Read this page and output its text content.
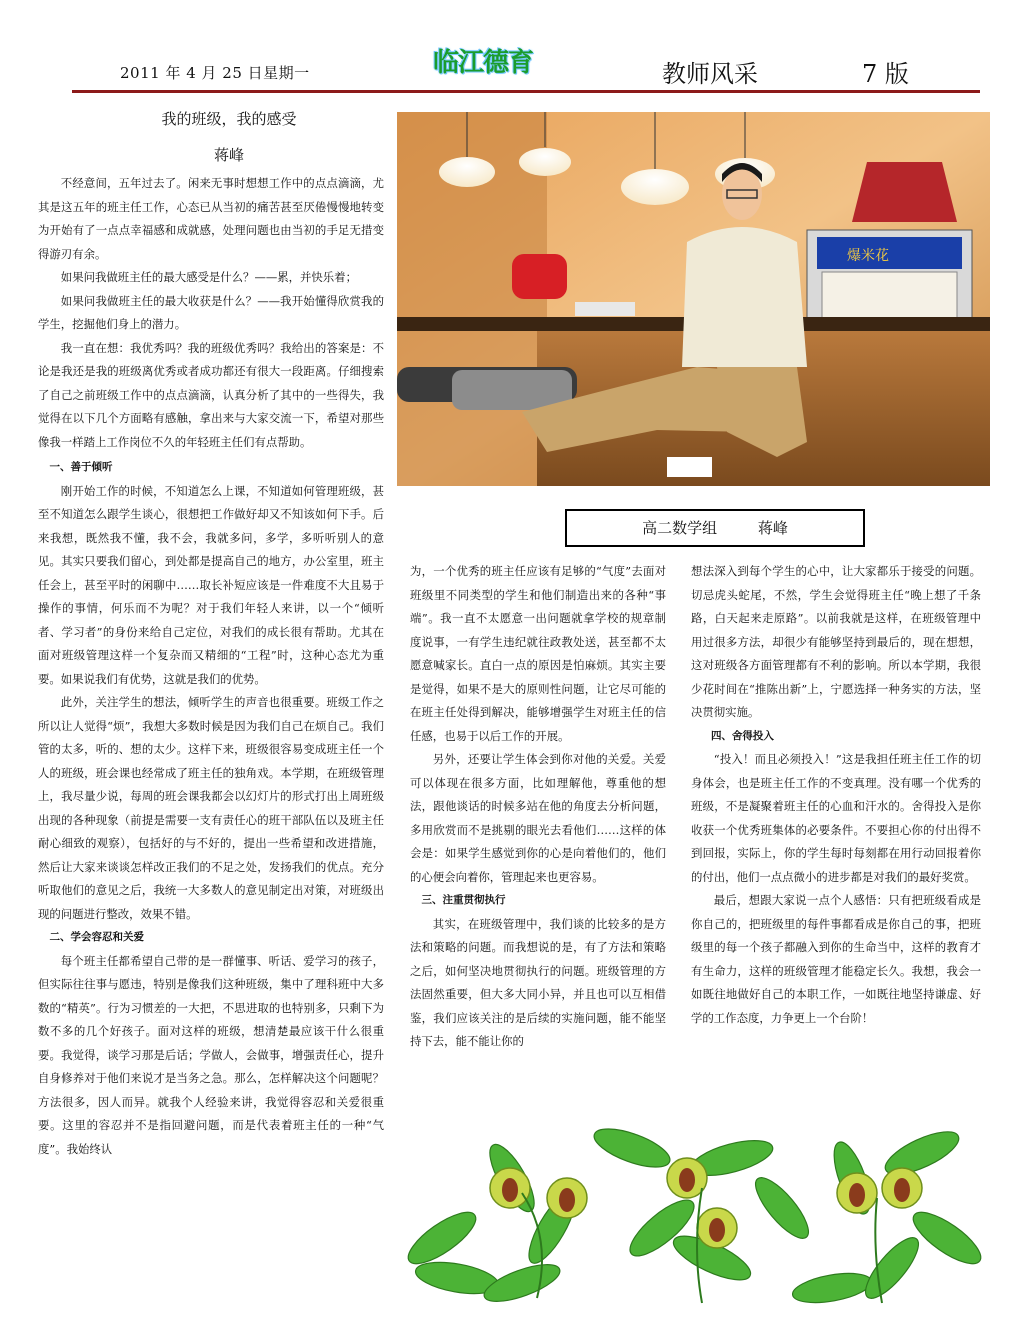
2011 年 4 月 25 日星期一	临江德育	教师风采	7 版
我的班级，我的感受
蒋峰

不经意间，五年过去了。闲来无事时想想工作中的点点滴滴，尤其是这五年的班主任工作，心态已从当初的痛苦甚至厌倦慢慢地转变为开始有了一点点幸福感和成就感，处理问题也由当初的手足无措变得游刃有余。

如果问我做班主任的最大感受是什么？——累，并快乐着；

如果问我做班主任的最大收获是什么？——我开始懂得欣赏我的学生，挖掘他们身上的潜力。

我一直在想：我优秀吗？我的班级优秀吗？我给出的答案是：不论是我还是我的班级离优秀或者成功都还有很大一段距离。仔细搜索了自己之前班级工作中的点点滴滴，认真分析了其中的一些得失，我觉得在以下几个方面略有感触，拿出来与大家交流一下，希望对那些像我一样踏上工作岗位不久的年轻班主任们有点帮助。

一、善于倾听

刚开始工作的时候，不知道怎么上课，不知道如何管理班级，甚至不知道怎么跟学生谈心，很想把工作做好却又不知该如何下手。后来我想，既然我不懂，我不会，我就多问，多学，多听听别人的意见。其实只要我们留心，到处都是提高自己的地方，办公室里，班主任会上，甚至平时的闲聊中……取长补短应该是一件难度不大且易于操作的事情，何乐而不为呢？对于我们年轻人来讲，以一个“倾听者、学习者”的身份来给自己定位，对我们的成长很有帮助。尤其在面对班级管理这样一个复杂而又精细的“工程”时，这种心态尤为重要。如果说我们有优势，这就是我们的优势。

此外，关注学生的想法，倾听学生的声音也很重要。班级工作之所以让人觉得“烦”，我想大多数时候是因为我们自己在烦自己。我们管的太多，听的、想的太少。这样下来，班级很容易变成班主任一个人的班级，班会课也经常成了班主任的独角戏。本学期，在班级管理上，我尽量少说，每周的班会课我都会以幻灯片的形式打出上周班级出现的各种现象（前提是需要一支有责任心的班干部队伍以及班主任耐心细致的观察），包括好的与不好的，提出一些希望和改进措施，然后让大家来谈谈怎样改正我们的不足之处，发扬我们的优点。充分听取他们的意见之后，我统一大多数人的意见制定出对策，对班级出现的问题进行整改，效果不错。

二、学会容忍和关爱

每个班主任都希望自己带的是一群懂事、听话、爱学习的孩子，但实际往往事与愿违，特别是像我们这种班级，集中了理科班中大多数的“精英”。行为习惯差的一大把，不思进取的也特别多，只剩下为数不多的几个好孩子。面对这样的班级，想清楚最应该干什么很重要。我觉得，谈学习那是后话；学做人，会做事，增强责任心，提升自身修养对于他们来说才是当务之急。那么，怎样解决这个问题呢？方法很多，因人而异。就我个人经验来讲，我觉得容忍和关爱很重要。这里的容忍并不是指回避问题，而是代表着班主任的一种“气度”。我始终认

爆米花
高二数学组	蒋峰

为，一个优秀的班主任应该有足够的“气度”去面对班级里不同类型的学生和他们制造出来的各种“事端”。我一直不太愿意一出问题就拿学校的规章制度说事，一有学生违纪就往政教处送，甚至都不太愿意喊家长。直白一点的原因是怕麻烦。其实主要是觉得，如果不是大的原则性问题，让它尽可能的在班主任处得到解决，能够增强学生对班主任的信任感，也易于以后工作的开展。

另外，还要让学生体会到你对他的关爱。关爱可以体现在很多方面，比如理解他，尊重他的想法，跟他谈话的时候多站在他的角度去分析问题，多用欣赏而不是挑剔的眼光去看他们……这样的体会是：如果学生感觉到你的心是向着他们的，他们的心便会向着你，管理起来也更容易。

三、注重贯彻执行

其实，在班级管理中，我们谈的比较多的是方法和策略的问题。而我想说的是，有了方法和策略之后，如何坚决地贯彻执行的问题。班级管理的方法固然重要，但大多大同小异，并且也可以互相借鉴，我们应该关注的是后续的实施问题，能不能坚持下去，能不能让你的

想法深入到每个学生的心中，让大家都乐于接受的问题。切忌虎头蛇尾，不然，学生会觉得班主任“晚上想了千条路，白天起来走原路”。以前我就是这样，在班级管理中用过很多方法，却很少有能够坚持到最后的，现在想想，这对班级各方面管理都有不利的影响。所以本学期，我很少花时间在“推陈出新”上，宁愿选择一种务实的方法，坚决贯彻实施。

四、舍得投入

“投入！而且必须投入！”这是我担任班主任工作的切身体会，也是班主任工作的不变真理。没有哪一个优秀的班级，不是凝聚着班主任的心血和汗水的。舍得投入是你收获一个优秀班集体的必要条件。不要担心你的付出得不到回报，实际上，你的学生每时每刻都在用行动回报着你的付出，他们一点点微小的进步都是对我们的最好奖赏。

最后，想跟大家说一点个人感悟：只有把班级看成是你自己的，把班级里的每件事都看成是你自己的事，把班级里的每一个孩子都融入到你的生命当中，这样的教育才有生命力，这样的班级管理才能稳定长久。我想，我会一如既往地做好自己的本职工作，一如既往地坚持谦虚、好学的工作态度，力争更上一个台阶！
